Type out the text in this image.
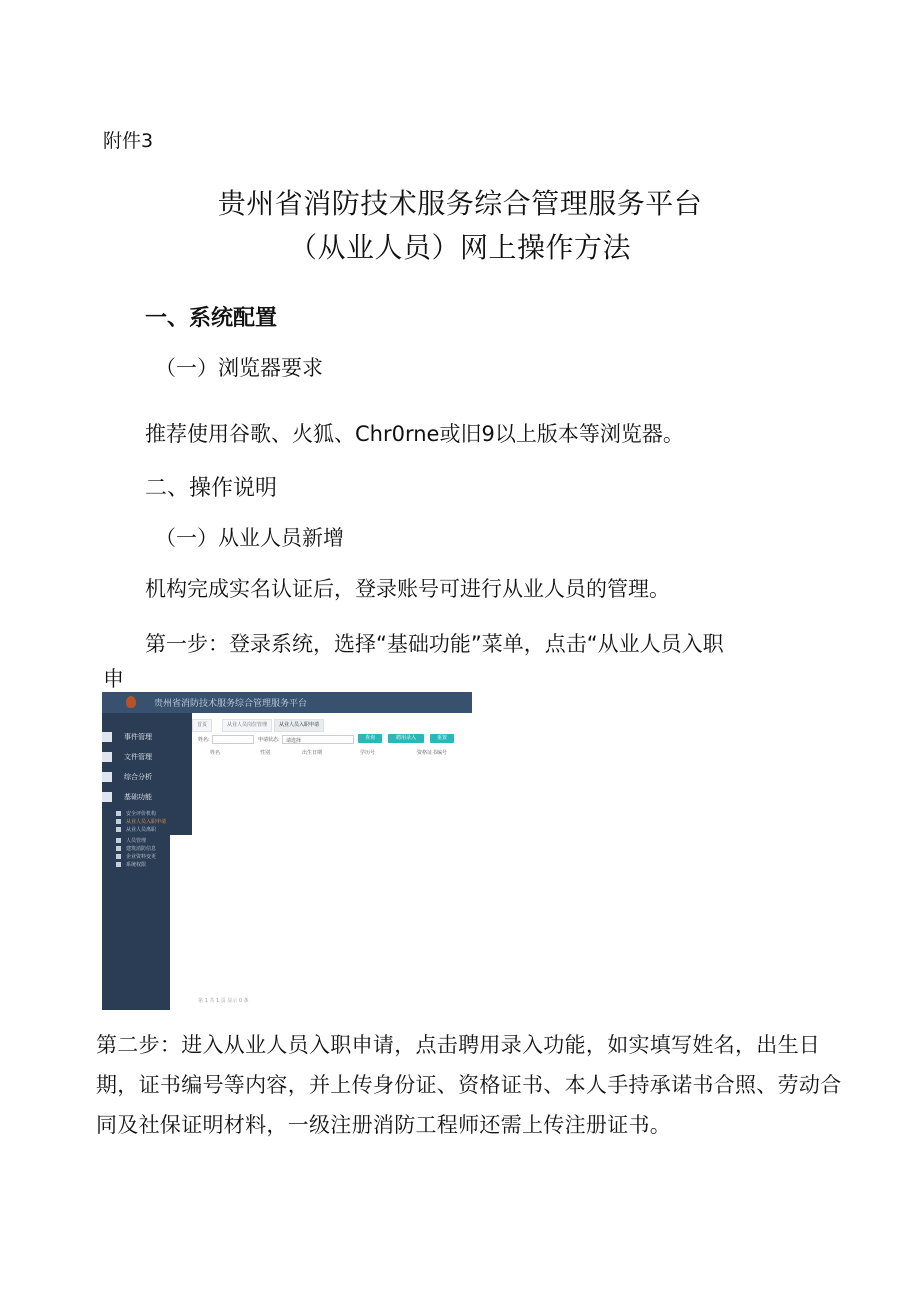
附件3
贵州省消防技术服务综合管理服务平台
（从业人员）网上操作方法
一、系统配置
（一）浏览器要求
推荐使用谷歌、火狐、Chr0rne或旧9以上版本等浏览器。
二、操作说明
（一）从业人员新增
机构完成实名认证后，登录账号可进行从业人员的管理。
第一步：登录系统，选择“基础功能”菜单，点击“从业人员入职
申
贵州省消防技术服务综合管理服务平台
事件管理
文件管理
综合分析
基础功能
安全评价机构
从业人员入职申请
从业人员离职
人员管理
建筑消防信息
企业资料变更
系统权限
首页	从业人员岗位管理	从业人员入职申请
姓名:	申请状态: 请选择	查询	聘用录入	重置
姓名	性别	出生日期	学历号	资格证书编号
第 1 共 1 页 显示 0 条
第二步：进入从业人员入职申请，点击聘用录入功能，如实填写姓名，出生日期，证书编号等内容，并上传身份证、资格证书、本人手持承诺书合照、劳动合同及社保证明材料，一级注册消防工程师还需上传注册证书。
